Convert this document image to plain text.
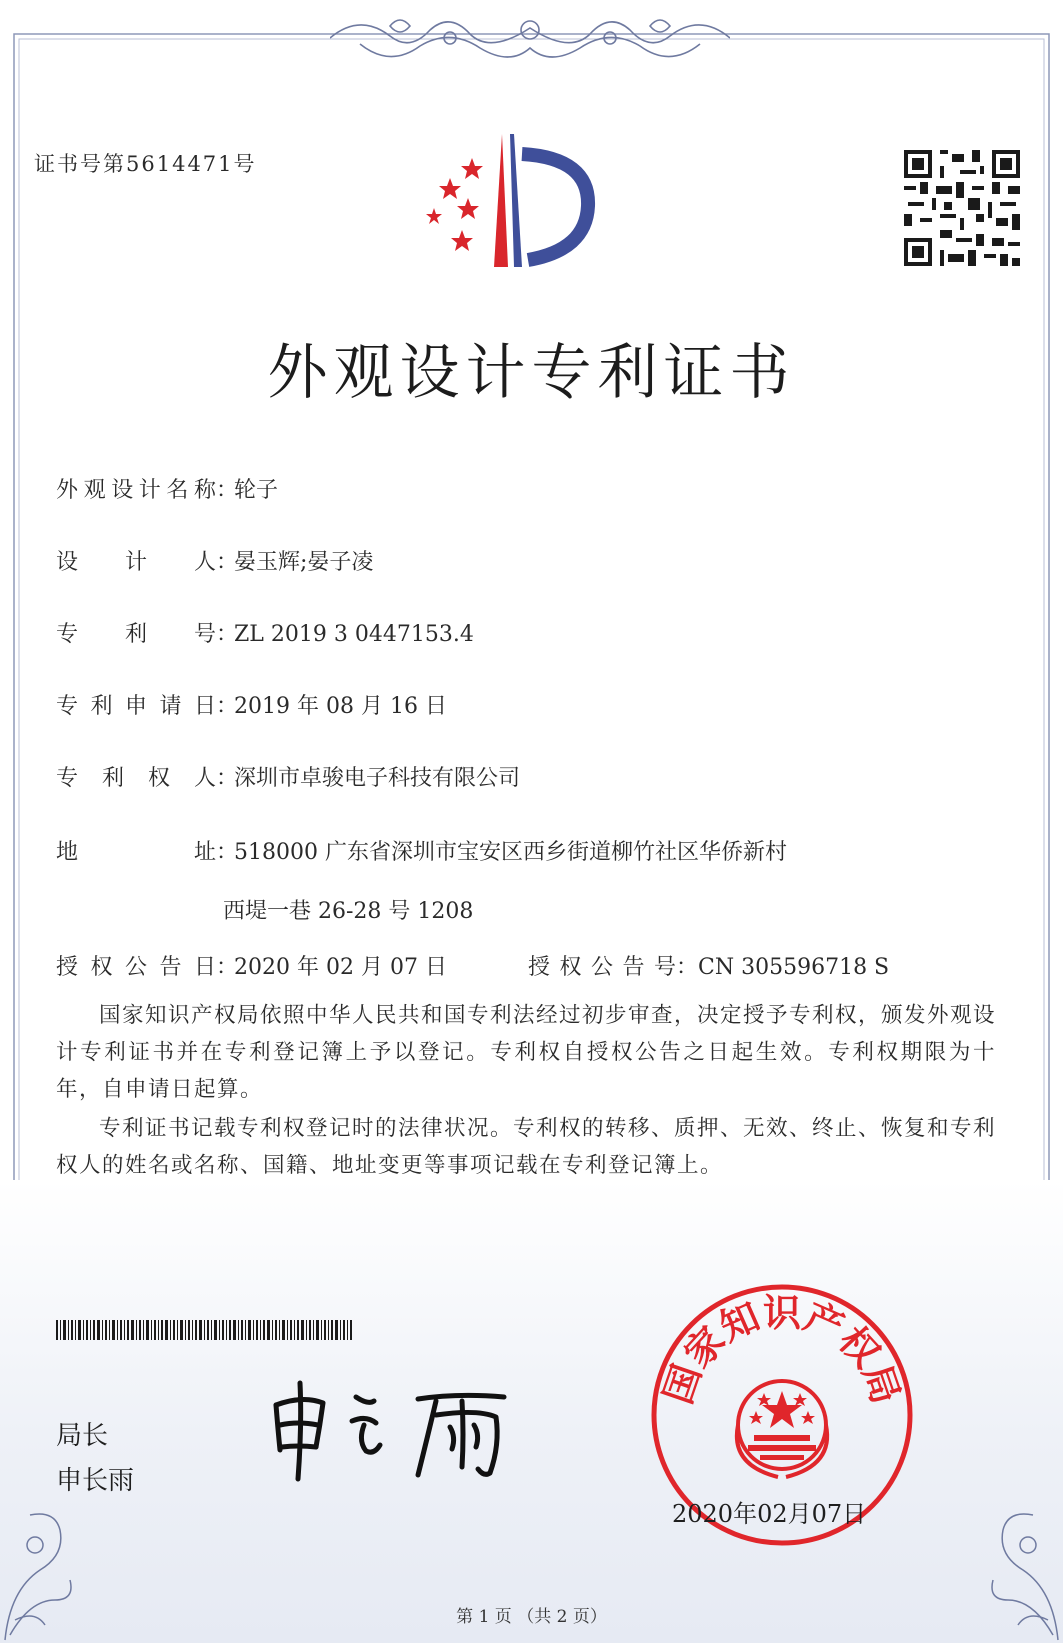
证书号第5614471号
外观设计专利证书
外观设计名称：轮子
设计人：晏玉辉;晏子凌
专利号：ZL 2019 3 0447153.4
专利申请日：2019 年 08 月 16 日
专利权人：深圳市卓骏电子科技有限公司
地址：518000 广东省深圳市宝安区西乡街道柳竹社区华侨新村
西堤一巷 26-28 号 1208
授权公告日：2020 年 02 月 07 日	授权公告号：CN 305596718 S
国家知识产权局依照中华人民共和国专利法经过初步审查，决定授予专利权，颁发外观设计专利证书并在专利登记簿上予以登记。专利权自授权公告之日起生效。专利权期限为十年，自申请日起算。
专利证书记载专利权登记时的法律状况。专利权的转移、质押、无效、终止、恢复和专利权人的姓名或名称、国籍、地址变更等事项记载在专利登记簿上。
局长
申长雨
国家知识产权局
2020年02月07日
第 1 页 （共 2 页）
